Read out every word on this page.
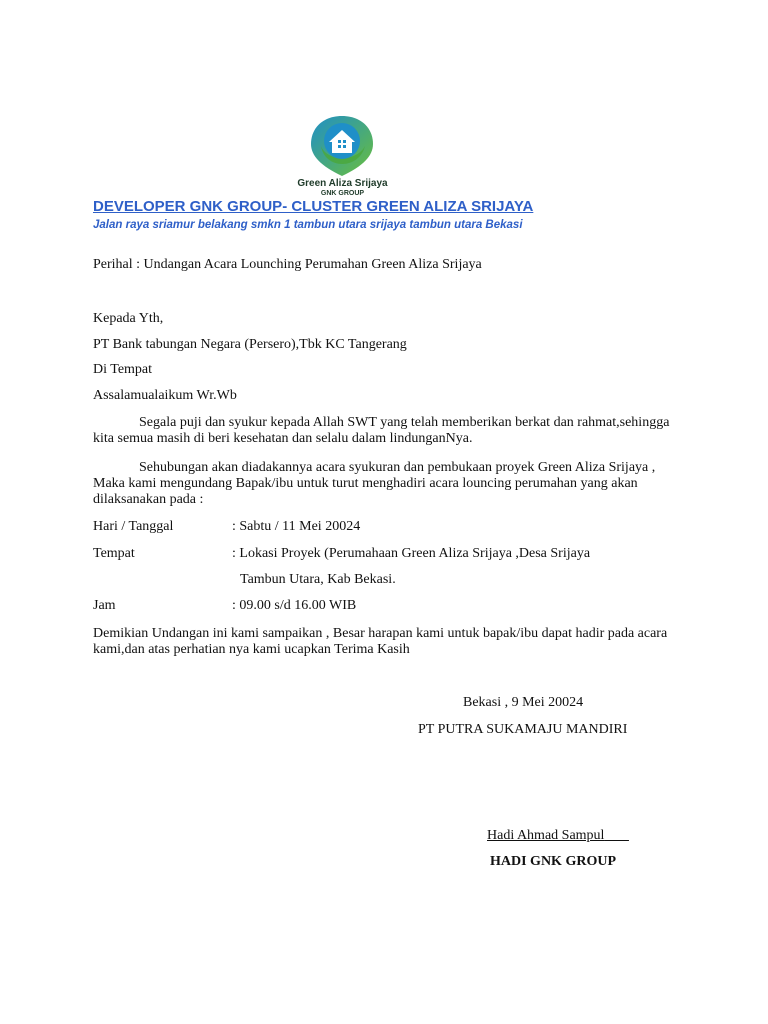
Green Aliza Srijaya
GNK GROUP
DEVELOPER GNK GROUP- CLUSTER GREEN ALIZA SRIJAYA
Jalan raya sriamur belakang smkn 1 tambun utara srijaya tambun utara Bekasi
Perihal : Undangan Acara Lounching Perumahan Green Aliza Srijaya
Kepada Yth,
PT Bank tabungan Negara (Persero),Tbk KC Tangerang
Di Tempat
Assalamualaikum Wr.Wb
Segala puji dan syukur kepada Allah SWT yang telah memberikan berkat dan rahmat,sehingga kita semua masih di beri kesehatan dan selalu dalam lindunganNya.
Sehubungan akan diadakannya acara syukuran dan pembukaan proyek Green Aliza Srijaya , Maka kami mengundang Bapak/ibu untuk turut menghadiri acara louncing perumahan yang akan dilaksanakan pada :
Hari / Tanggal	: Sabtu / 11 Mei 20024
Tempat	: Lokasi Proyek (Perumahaan Green Aliza Srijaya ,Desa Srijaya
Tambun Utara, Kab Bekasi.
Jam	: 09.00 s/d 16.00 WIB
Demikian Undangan ini kami sampaikan , Besar harapan kami untuk bapak/ibu dapat hadir pada acara kami,dan atas perhatian nya kami ucapkan Terima Kasih
Bekasi , 9 Mei 20024
PT PUTRA SUKAMAJU MANDIRI
Hadi Ahmad Sampul
HADI GNK GROUP
